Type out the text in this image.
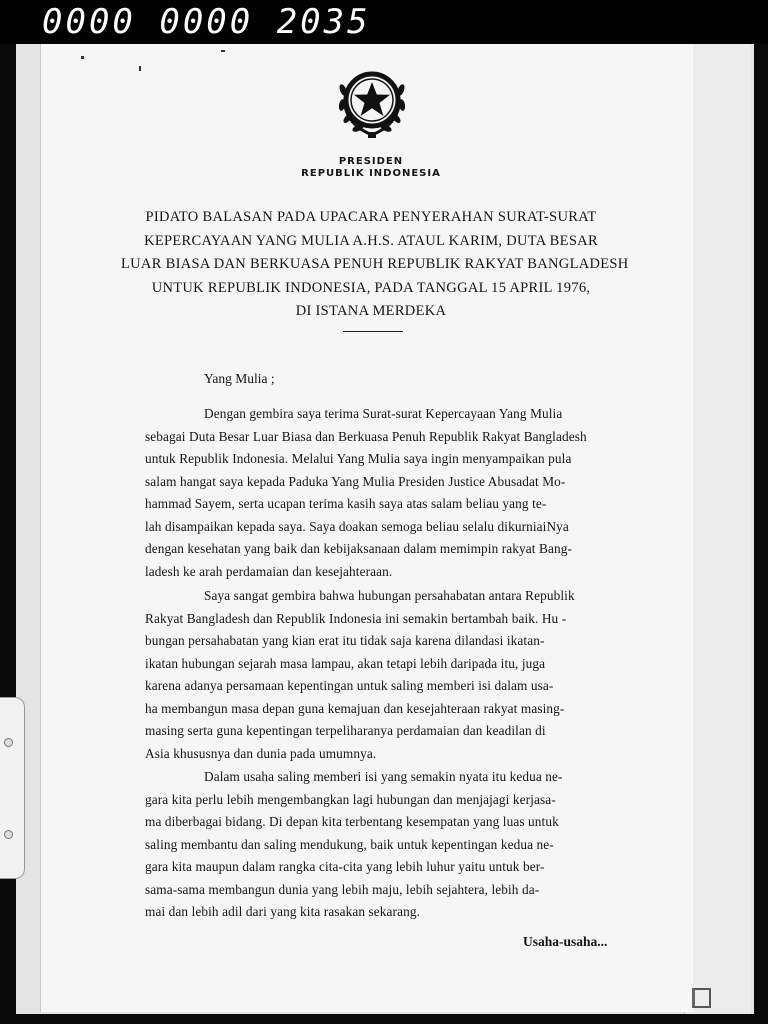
0000 0000 2035
PRESIDEN
REPUBLIK INDONESIA
PIDATO BALASAN PADA UPACARA PENYERAHAN SURAT-SURAT
KEPERCAYAAN YANG MULIA A.H.S. ATAUL KARIM, DUTA BESAR
LUAR BIASA DAN BERKUASA PENUH REPUBLIK RAKYAT BANGLADESH
UNTUK REPUBLIK INDONESIA, PADA TANGGAL 15 APRIL 1976,
DI ISTANA MERDEKA
Yang Mulia ;
Dengan gembira saya terima Surat-surat Kepercayaan Yang Mulia
sebagai Duta Besar Luar Biasa dan Berkuasa Penuh Republik Rakyat Bangladesh
untuk Republik Indonesia. Melalui Yang Mulia saya ingin menyampaikan pula
salam hangat saya kepada Paduka Yang Mulia Presiden Justice Abusadat Mo-
hammad Sayem, serta ucapan terima kasih saya atas salam beliau yang te-
lah disampaikan kepada saya. Saya doakan semoga beliau selalu dikurniaiNya
dengan kesehatan yang baik dan kebijaksanaan dalam memimpin rakyat Bang-
ladesh ke arah perdamaian dan kesejahteraan.
Saya sangat gembira bahwa hubungan persahabatan antara Republik
Rakyat Bangladesh dan Republik Indonesia ini semakin bertambah baik. Hu -
bungan persahabatan yang kian erat itu tidak saja karena dilandasi ikatan-
ikatan hubungan sejarah masa lampau, akan tetapi lebih daripada itu, juga
karena adanya persamaan kepentingan untuk saling memberi isi dalam usa-
ha membangun masa depan guna kemajuan dan kesejahteraan rakyat masing-
masing serta guna kepentingan terpeliharanya perdamaian dan keadilan di
Asia khususnya dan dunia pada umumnya.
Dalam usaha saling memberi isi yang semakin nyata itu kedua ne-
gara kita perlu lebih mengembangkan lagi hubungan dan menjajagi kerjasa-
ma diberbagai bidang. Di depan kita terbentang kesempatan yang luas untuk
saling membantu dan saling mendukung, baik untuk kepentingan kedua ne-
gara kita maupun dalam rangka cita-cita yang lebih luhur yaitu untuk ber-
sama-sama membangun dunia yang lebih maju, lebih sejahtera, lebih da-
mai dan lebih adil dari yang kita rasakan sekarang.
Usaha-usaha...
